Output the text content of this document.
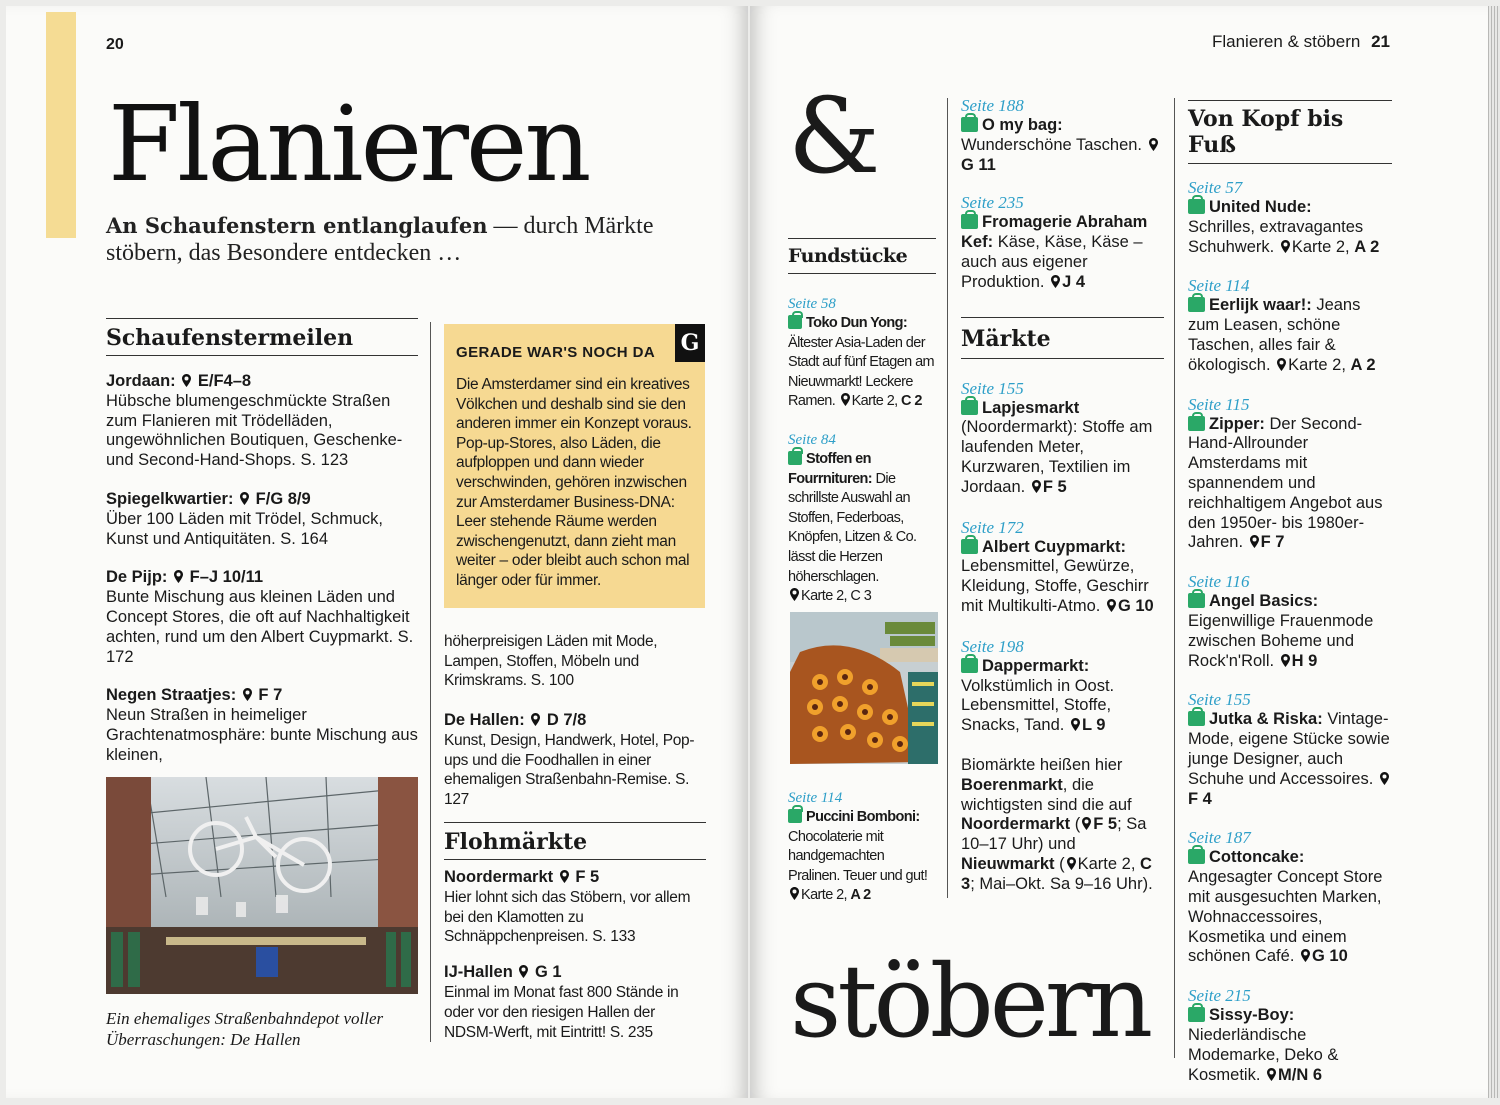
20
Flanieren
An Schaufenstern entlanglaufen — durch Märkte stöbern, das Besondere entdecken …
Schaufenstermeilen
Jordaan: E/F4–8
Hübsche blumengeschmückte Straßen zum Flanieren mit Trödelläden, ungewöhnlichen Boutiquen, Geschenke- und Second-Hand-Shops. S. 123
Spiegelkwartier: F/G 8/9
Über 100 Läden mit Trödel, Schmuck, Kunst und Antiquitäten. S. 164
De Pijp: F–J 10/11
Bunte Mischung aus kleinen Läden und Concept Stores, die oft auf Nachhaltigkeit achten, rund um den Albert Cuypmarkt. S. 172
Negen Straatjes: F 7
Neun Straßen in heimeliger Grachtenatmosphäre: bunte Mischung aus kleinen,
Ein ehemaliges Straßenbahndepot voller Überraschungen: De Hallen
G
GERADE WAR'S NOCH DA
Die Amsterdamer sind ein kreatives Völkchen und deshalb sind sie den anderen immer ein Konzept voraus. Pop-up-Stores, also Läden, die aufploppen und dann wieder verschwinden, gehören inzwischen zur Amsterdamer Business-DNA: Leer stehende Räume werden zwischengenutzt, dann zieht man weiter – oder bleibt auch schon mal länger oder für immer.
höherpreisigen Läden mit Mode, Lampen, Stoffen, Möbeln und Krimskrams. S. 100
De Hallen: D 7/8
Kunst, Design, Handwerk, Hotel, Pop-ups und die Foodhallen in einer ehemaligen Straßenbahn-Remise. S. 127
Flohmärkte
Noordermarkt F 5
Hier lohnt sich das Stöbern, vor allem bei den Klamotten zu Schnäppchenpreisen. S. 133
IJ-Hallen G 1
Einmal im Monat fast 800 Stände in oder vor den riesigen Hallen der NDSM-Werft, mit Eintritt! S. 235
Flanieren & stöbern 21
&
stöbern
Fundstücke
Seite 58
Toko Dun Yong: Ältester Asia-Laden der Stadt auf fünf Etagen am Nieuwmarkt! Leckere Ramen. Karte 2, C 2
Seite 84
Stoffen en Fourrnituren: Die schrillste Auswahl an Stoffen, Federboas, Knöpfen, Litzen & Co. lässt die Herzen höherschlagen.

Karte 2, C 3
Seite 114
Puccini Bomboni: Chocolaterie mit handgemachten Pralinen. Teuer und gut!
Karte 2, A 2
Seite 188
O my bag: Wunderschöne Taschen.
G 11
Seite 235
Fromagerie Abraham Kef: Käse, Käse, Käse – auch aus eigener Produktion. J 4
Märkte
Seite 155
Lapjesmarkt (Noordermarkt): Stoffe am laufenden Meter, Kurzwaren, Textilien im Jordaan. F 5
Seite 172
Albert Cuypmarkt: Lebensmittel, Gewürze, Kleidung, Stoffe, Geschirr mit Multikulti-Atmo. G 10
Seite 198
Dappermarkt: Volkstümlich in Oost. Lebensmittel, Stoffe, Snacks, Tand. L 9
Biomärkte heißen hier Boerenmarkt, die wichtigsten sind die auf Noordermarkt ( F 5; Sa 10–17 Uhr) und Nieuwmarkt ( Karte 2, C 3; Mai–Okt. Sa 9–16 Uhr).
Von Kopf bis Fuß
Seite 57
United Nude:
Schrilles, extravagantes Schuhwerk. Karte 2, A 2
Seite 114
Eerlijk waar!: Jeans zum Leasen, schöne Taschen, alles fair & ökologisch. Karte 2, A 2
Seite 115
Zipper: Der Second-Hand-Allrounder Amsterdams mit spannendem und reichhaltigem Angebot aus den 1950er- bis 1980er-Jahren. F 7
Seite 116
Angel Basics: Eigenwillige Frauenmode zwischen Boheme und Rock'n'Roll. H 9
Seite 155
Jutka & Riska: Vintage-Mode, eigene Stücke sowie junge Designer, auch Schuhe und Accessoires.
F 4
Seite 187
Cottoncake: Angesagter Concept Store mit ausgesuchten Marken, Wohnaccessoires, Kosmetika und einem schönen Café. G 10
Seite 215
Sissy-Boy: Niederländische Modemarke, Deko & Kosmetik. M/N 6
